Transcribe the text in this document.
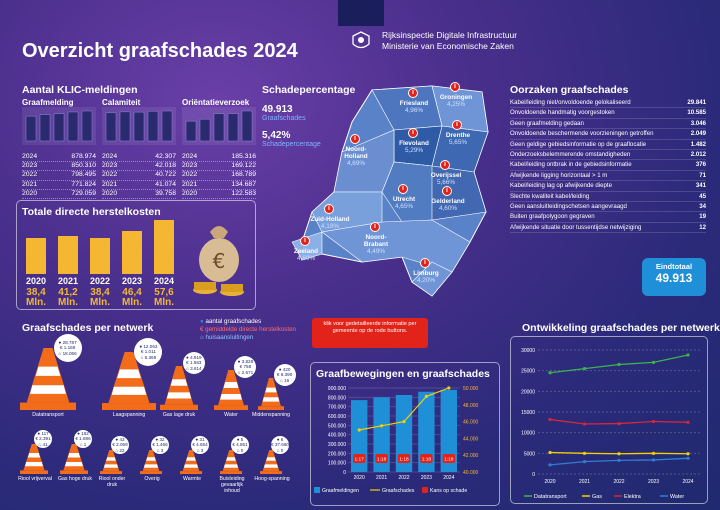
Rijksinspectie Digitale Infrastructuur
Ministerie van Economische Zaken
Overzicht graafschades 2024
Aantal KLIC-meldingen
Graafmelding
2024	878.974
2023	850.310
2022	798.495
2021	771.824
2020	729.059
Calamiteit
2024	42.307
2023	42.018
2022	40.722
2021	41.074
2020	39.758
Oriëntatieverzoek
2024	185.316
2023	169.122
2022	168.789
2021	134.687
2020	122.583
Totale directe herstelkosten
2020
38,4
Mln.
2021
41,2
Mln.
2022
38,4
Mln.
2023
46,4
Mln.
2024
57,6
Mln.
€
Schadepercentage
49.913
Graafschades
5,42%
Schadepercentage
i
Groningen
4,25%
i
Friesland
4,96%
i
Drenthe
5,65%
i
Noord-Holland
4,69%
i
Flevoland
5,29%
i
Overijssel
5,66%
i
Utrecht
4,65%
i
Gelderland
4,60%
i
Zuid-Holland
4,18%	i
Noord-Brabant
4,49%
i
Zeeland
4,60%
i
Limburg
4,20%
klik voor gedetailleerde informatie per gemeente op de rode buttons.
Oorzaken graafschades
Kabel/leiding niet/onvoldoende gelokaliseerd	29.841
Onvoldoende handmatig voorgestoken	10.585
Geen graafmelding gedaan	3.046
Onvoldoende beschermende voorzieningen getroffen	2.049
Geen geldige gebiedsinformatie op de graaflocatie	1.482
Onderzoeksbelemmerende omstandigheden	2.012
Kabel/leiding ontbrak in de gebiedsinformatie	376
Afwijkende ligging horizontaal > 1 m	71
Kabel/leiding lag op afwijkende diepte	341
Slechte kwaliteit kabel/leiding	45
Geen aansluitleidingschetsen aangevraagd	34
Buiten graafpolygoon gegraven	19
Afwijkende situatie door tussentijdse netwijziging	12
Eindtotaal
49.913
Graafschades per netwerk
● aantal graafschades
€ gemiddelde directe herstelkosten
⌂ huisaansluitingen
● 28.787
€ 1.169
⌂ 18.066
Datatransport
● 12.063
€ 1.011
⌂ 6.369
Laagspanning
● 4.919
€ 1.683
⌂ 3.614
Gas lage druk
● 3.828
€ 758
⌂ 2.671
Water
● 420
€ 6.390
⌂ 16
Middenspanning
● 117
€ 2.391
⌂ 41
Riool vrijverval
● 162
€ 1.886
⌂ 1
Gas hoge druk
● 43
€ 2.059
⌂ 22
Riool onder druk
● 32
€ 1.466
⌂ 3
Overig
● 31
€ 4.654
⌂ 3
Warmte
● 5
€ 4.861
⌂ 0
Buisleiding gevaarlijk inhoud
● 6
€ 37.660
⌂ 0
Hoog-spanning
Graafbewegingen en graafschades
0
100.000
200.000
300.000
400.000
500.000
600.000
700.000
800.000
900.000
40.000
42.000
44.000
46.000
48.000
50.000
1:17
2020
1:18
2021
1:18
2022
1:18
2023
1:18
2024
Graafmeldingen	Graafschades	Kans op schade
Ontwikkeling graafschades per netwerk
0
5000
10000
15000
20000
25000
30000
2020	2021	2022	2023	2024
Datatransport	Gas	Elektra	Water
